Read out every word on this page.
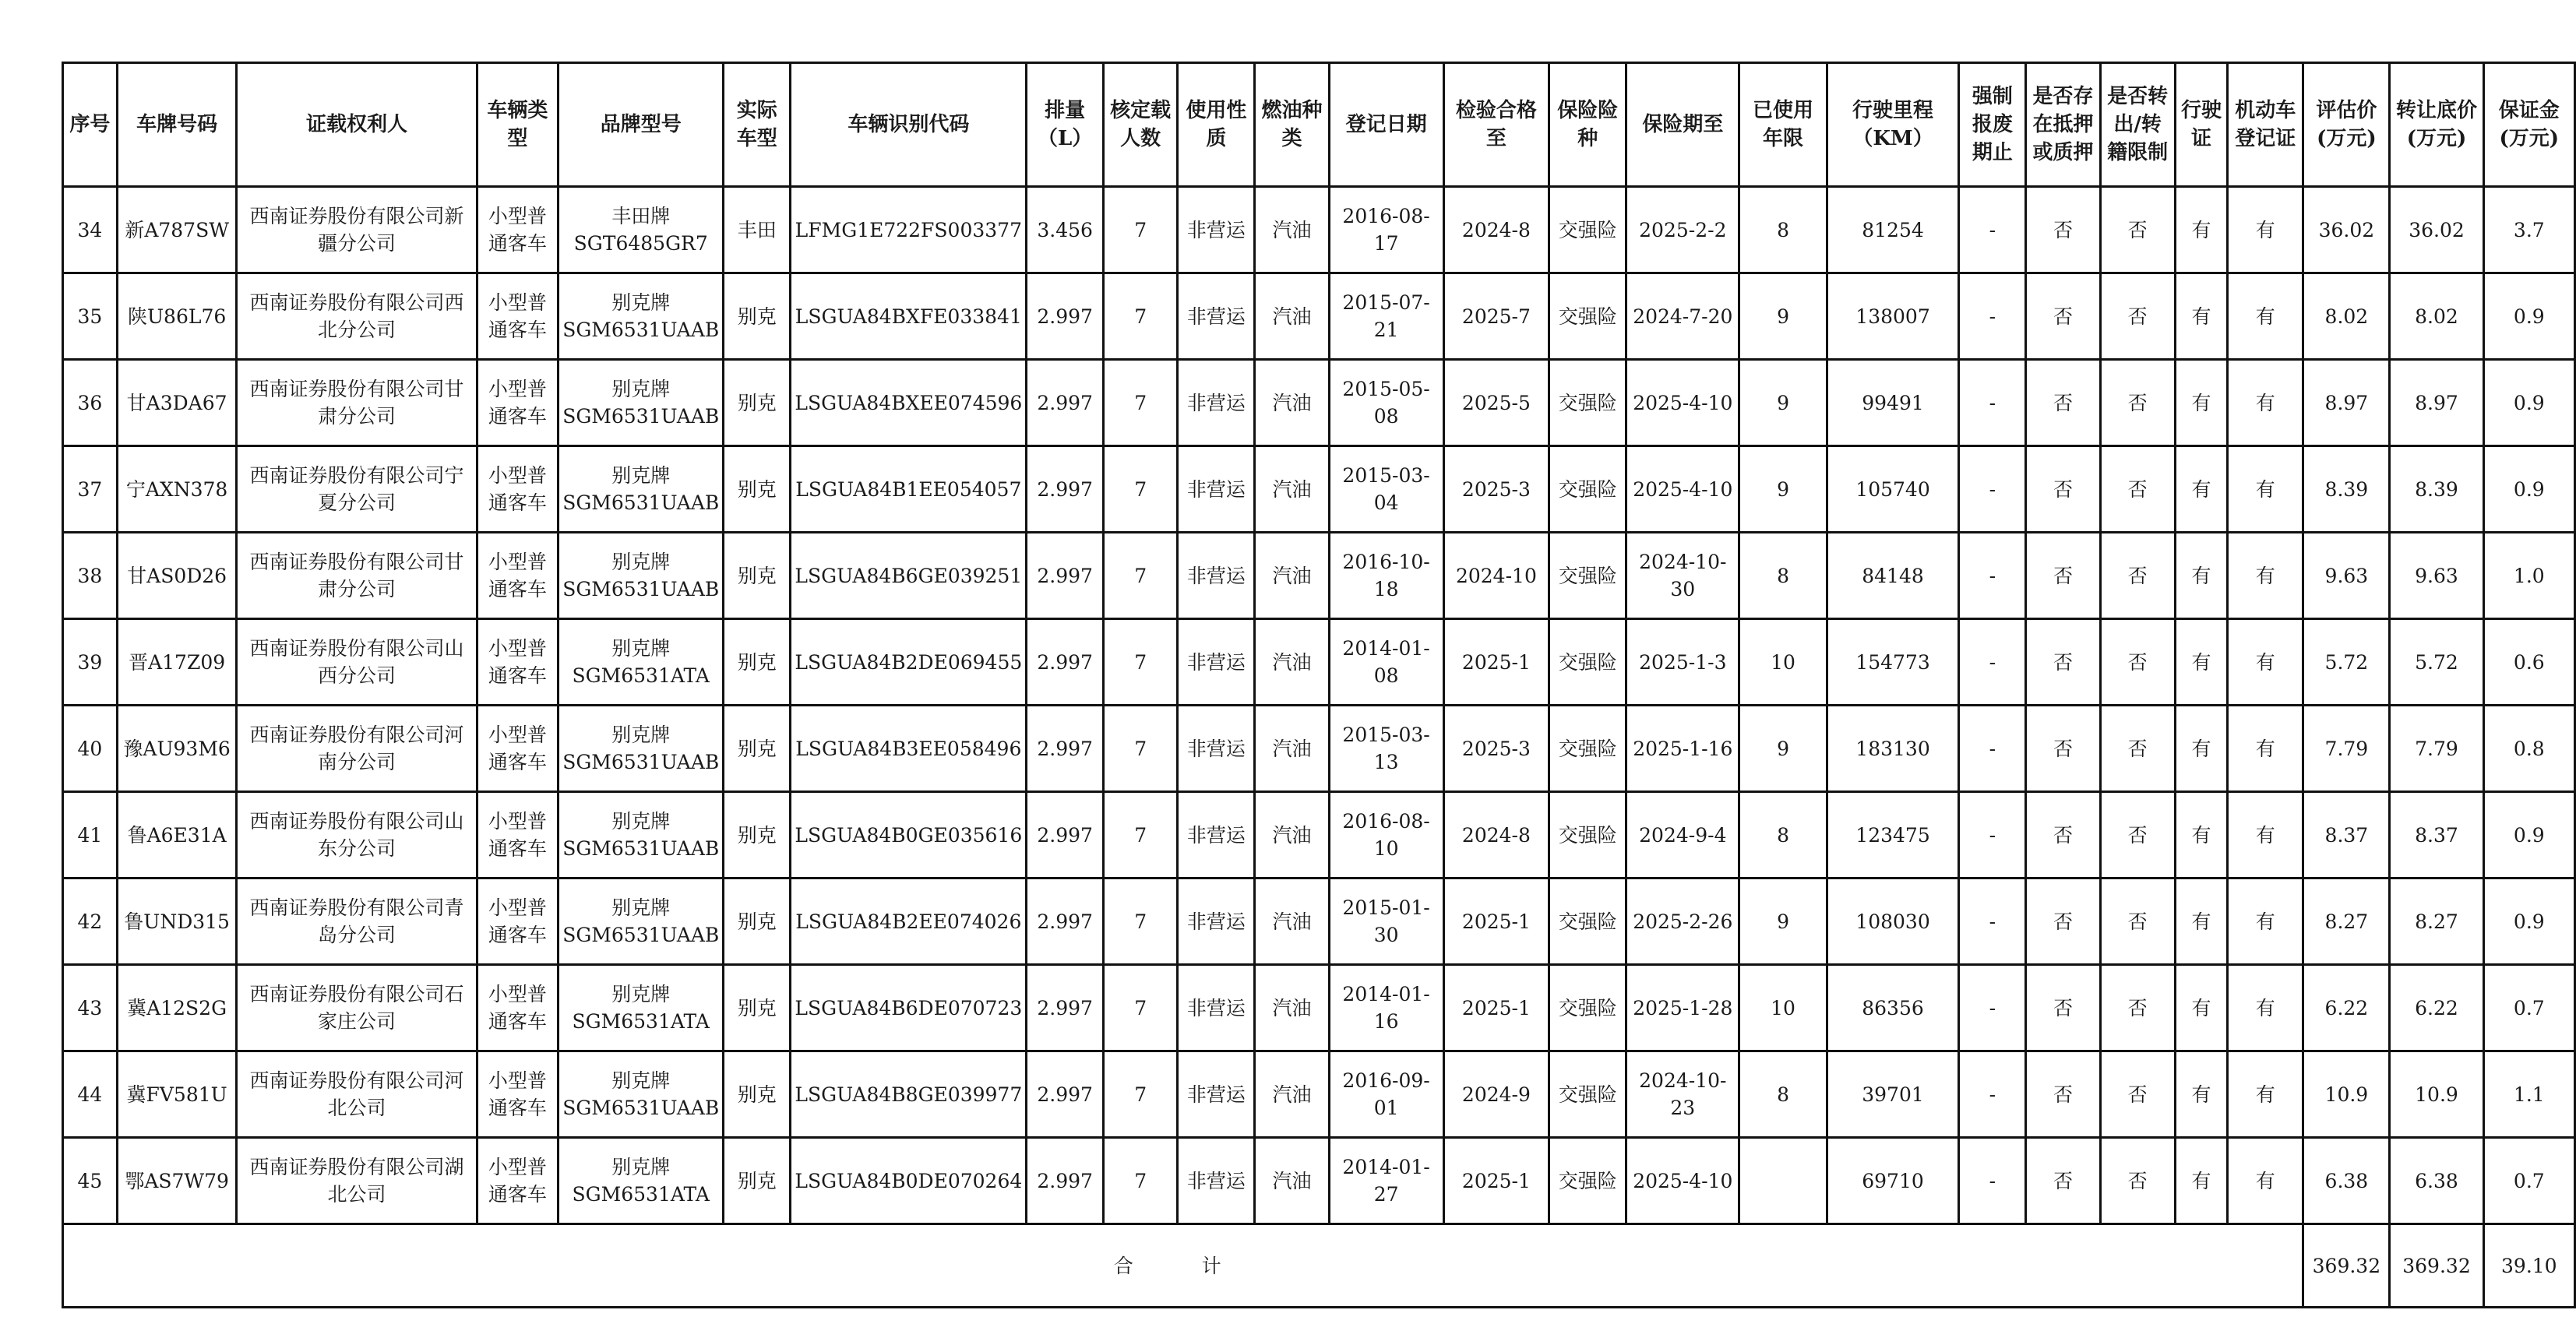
序号	车牌号码	证载权利人	车辆类型	品牌型号	实际车型	车辆识别代码	排量（L）	核定载人数	使用性质	燃油种类	登记日期	检验合格至	保险险种	保险期至	已使用年限	行驶里程（KM）	强制报废期止	是否存在抵押或质押	是否转出/转籍限制	行驶证	机动车登记证	评估价(万元)	转让底价(万元)	保证金(万元)
34	新A787SW	西南证券股份有限公司新疆分公司	小型普通客车	丰田牌SGT6485GR7	丰田	LFMG1E722FS003377	3.456	7	非营运	汽油	2016-08-17	2024-8	交强险	2025-2-2	8	81254	-	否	否	有	有	36.02	36.02	3.7
35	陕U86L76	西南证券股份有限公司西北分公司	小型普通客车	别克牌SGM6531UAAB	别克	LSGUA84BXFE033841	2.997	7	非营运	汽油	2015-07-21	2025-7	交强险	2024-7-20	9	138007	-	否	否	有	有	8.02	8.02	0.9
36	甘A3DA67	西南证券股份有限公司甘肃分公司	小型普通客车	别克牌SGM6531UAAB	别克	LSGUA84BXEE074596	2.997	7	非营运	汽油	2015-05-08	2025-5	交强险	2025-4-10	9	99491	-	否	否	有	有	8.97	8.97	0.9
37	宁AXN378	西南证券股份有限公司宁夏分公司	小型普通客车	别克牌SGM6531UAAB	别克	LSGUA84B1EE054057	2.997	7	非营运	汽油	2015-03-04	2025-3	交强险	2025-4-10	9	105740	-	否	否	有	有	8.39	8.39	0.9
38	甘AS0D26	西南证券股份有限公司甘肃分公司	小型普通客车	别克牌SGM6531UAAB	别克	LSGUA84B6GE039251	2.997	7	非营运	汽油	2016-10-18	2024-10	交强险	2024-10-30	8	84148	-	否	否	有	有	9.63	9.63	1.0
39	晋A17Z09	西南证券股份有限公司山西分公司	小型普通客车	别克牌SGM6531ATA	别克	LSGUA84B2DE069455	2.997	7	非营运	汽油	2014-01-08	2025-1	交强险	2025-1-3	10	154773	-	否	否	有	有	5.72	5.72	0.6
40	豫AU93M6	西南证券股份有限公司河南分公司	小型普通客车	别克牌SGM6531UAAB	别克	LSGUA84B3EE058496	2.997	7	非营运	汽油	2015-03-13	2025-3	交强险	2025-1-16	9	183130	-	否	否	有	有	7.79	7.79	0.8
41	鲁A6E31A	西南证券股份有限公司山东分公司	小型普通客车	别克牌SGM6531UAAB	别克	LSGUA84B0GE035616	2.997	7	非营运	汽油	2016-08-10	2024-8	交强险	2024-9-4	8	123475	-	否	否	有	有	8.37	8.37	0.9
42	鲁UND315	西南证券股份有限公司青岛分公司	小型普通客车	别克牌SGM6531UAAB	别克	LSGUA84B2EE074026	2.997	7	非营运	汽油	2015-01-30	2025-1	交强险	2025-2-26	9	108030	-	否	否	有	有	8.27	8.27	0.9
43	冀A12S2G	西南证券股份有限公司石家庄公司	小型普通客车	别克牌SGM6531ATA	别克	LSGUA84B6DE070723	2.997	7	非营运	汽油	2014-01-16	2025-1	交强险	2025-1-28	10	86356	-	否	否	有	有	6.22	6.22	0.7
44	冀FV581U	西南证券股份有限公司河北公司	小型普通客车	别克牌SGM6531UAAB	别克	LSGUA84B8GE039977	2.997	7	非营运	汽油	2016-09-01	2024-9	交强险	2024-10-23	8	39701	-	否	否	有	有	10.9	10.9	1.1
45	鄂AS7W79	西南证券股份有限公司湖北公司	小型普通客车	别克牌SGM6531ATA	别克	LSGUA84B0DE070264	2.997	7	非营运	汽油	2014-01-27	2025-1	交强险	2025-4-10		69710	-	否	否	有	有	6.38	6.38	0.7
合 计																						369.32	369.32	39.10
